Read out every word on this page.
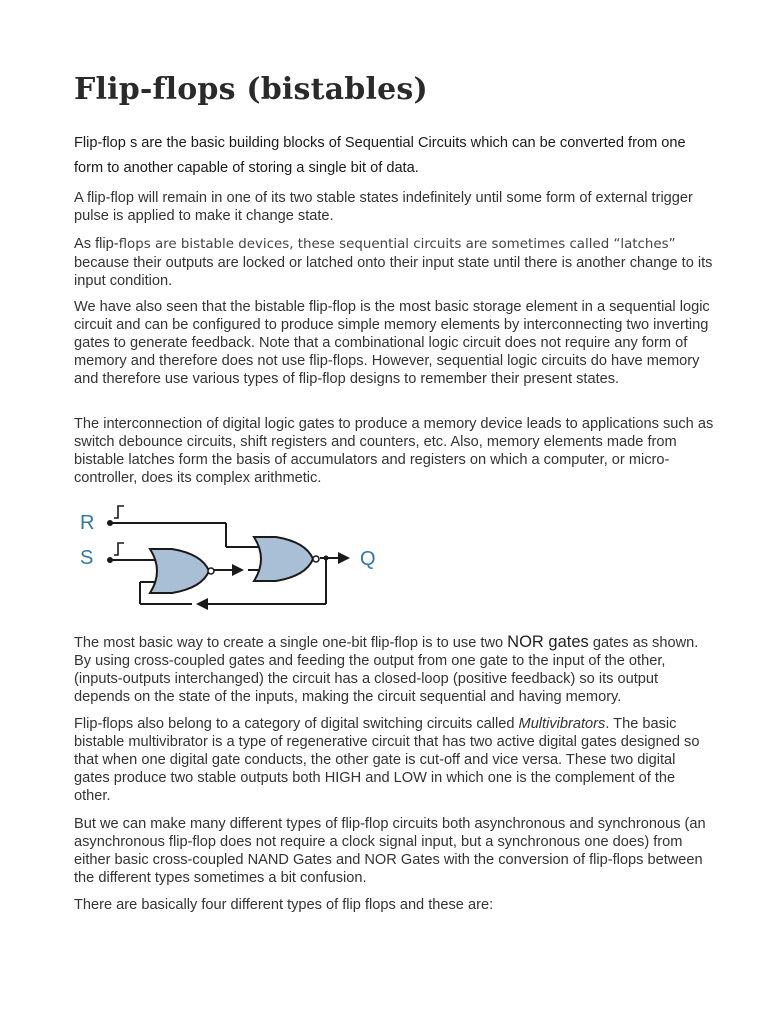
Flip-flops (bistables)

Flip-flop s are the basic building blocks of Sequential Circuits which can be converted from one form to another capable of storing a single bit of data.

A flip-flop will remain in one of its two stable states indefinitely until some form of external trigger pulse is applied to make it change state.

As flip-flops are bistable devices, these sequential circuits are sometimes called “latches” because their outputs are locked or latched onto their input state until there is another change to its input condition.

We have also seen that the bistable flip-flop is the most basic storage element in a sequential logic circuit and can be configured to produce simple memory elements by interconnecting two inverting gates to generate feedback. Note that a combinational logic circuit does not require any form of memory and therefore does not use flip-flops. However, sequential logic circuits do have memory and therefore use various types of flip-flop designs to remember their present states.

The interconnection of digital logic gates to produce a memory device leads to applications such as switch debounce circuits, shift registers and counters, etc. Also, memory elements made from bistable latches form the basis of accumulators and registers on which a computer, or micro-controller, does its complex arithmetic.

R
S	Q

The most basic way to create a single one-bit flip-flop is to use two NOR gates gates as shown. By using cross-coupled gates and feeding the output from one gate to the input of the other, (inputs-outputs interchanged) the circuit has a closed-loop (positive feedback) so its output depends on the state of the inputs, making the circuit sequential and having memory.

Flip-flops also belong to a category of digital switching circuits called Multivibrators. The basic bistable multivibrator is a type of regenerative circuit that has two active digital gates designed so that when one digital gate conducts, the other gate is cut-off and vice versa. These two digital gates produce two stable outputs both HIGH and LOW in which one is the complement of the other.

But we can make many different types of flip-flop circuits both asynchronous and synchronous (an asynchronous flip-flop does not require a clock signal input, but a synchronous one does) from either basic cross-coupled NAND Gates and NOR Gates with the conversion of flip-flops between the different types sometimes a bit confusion.

There are basically four different types of flip flops and these are:
